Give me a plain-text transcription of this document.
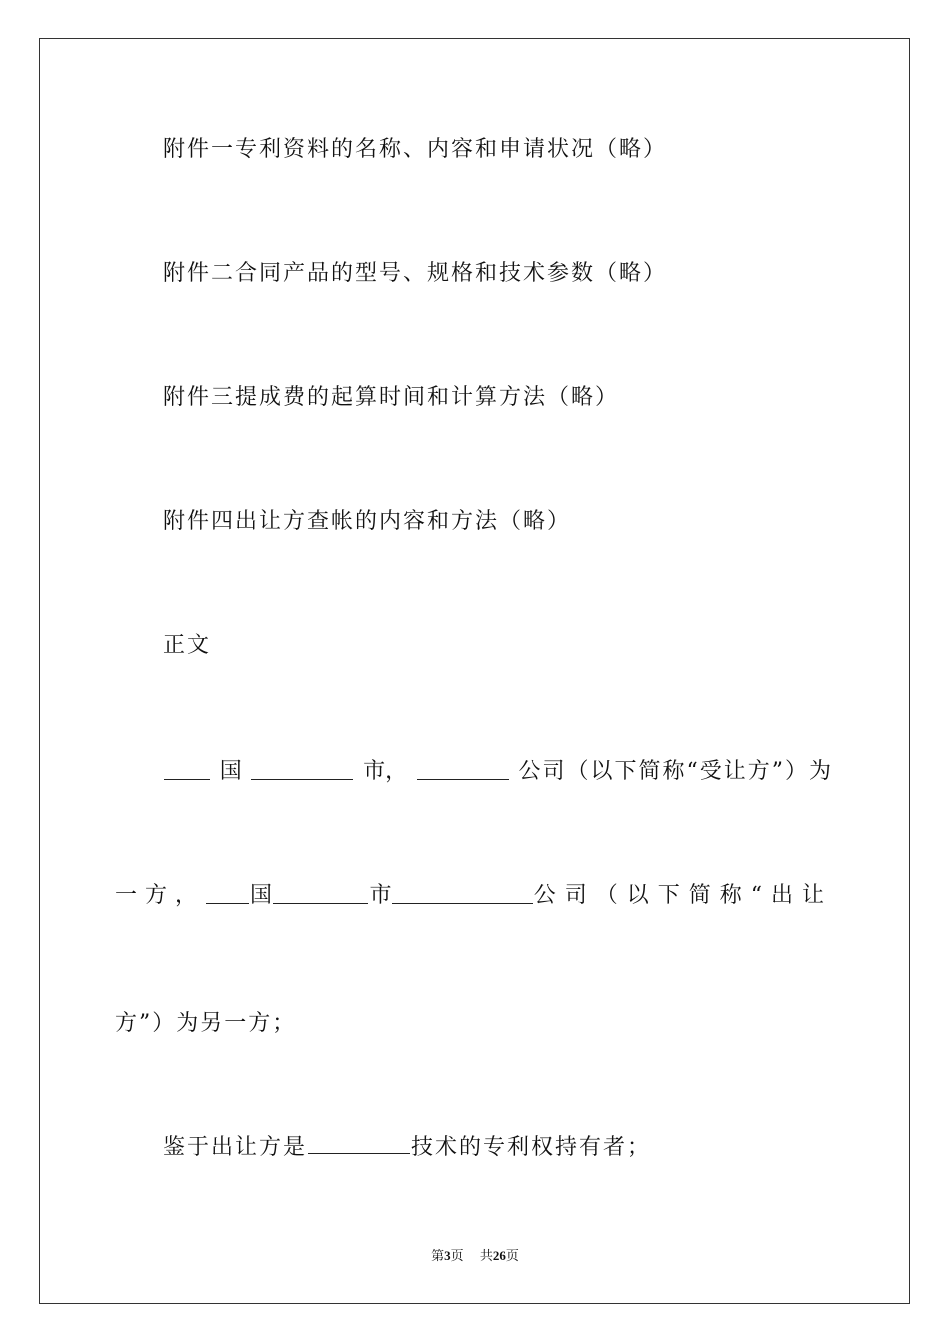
附件一专利资料的名称、内容和申请状况（略）
附件二合同产品的型号、规格和技术参数（略）
附件三提成费的起算时间和计算方法（略）
附件四出让方查帐的内容和方法（略）
正文
国	市，	公司（以下简称“受让方”）为
一方， 国	市	公司（以下简称“出让
方”）为另一方；
鉴于出让方是	技术的专利权持有者；
第3页 共26页
